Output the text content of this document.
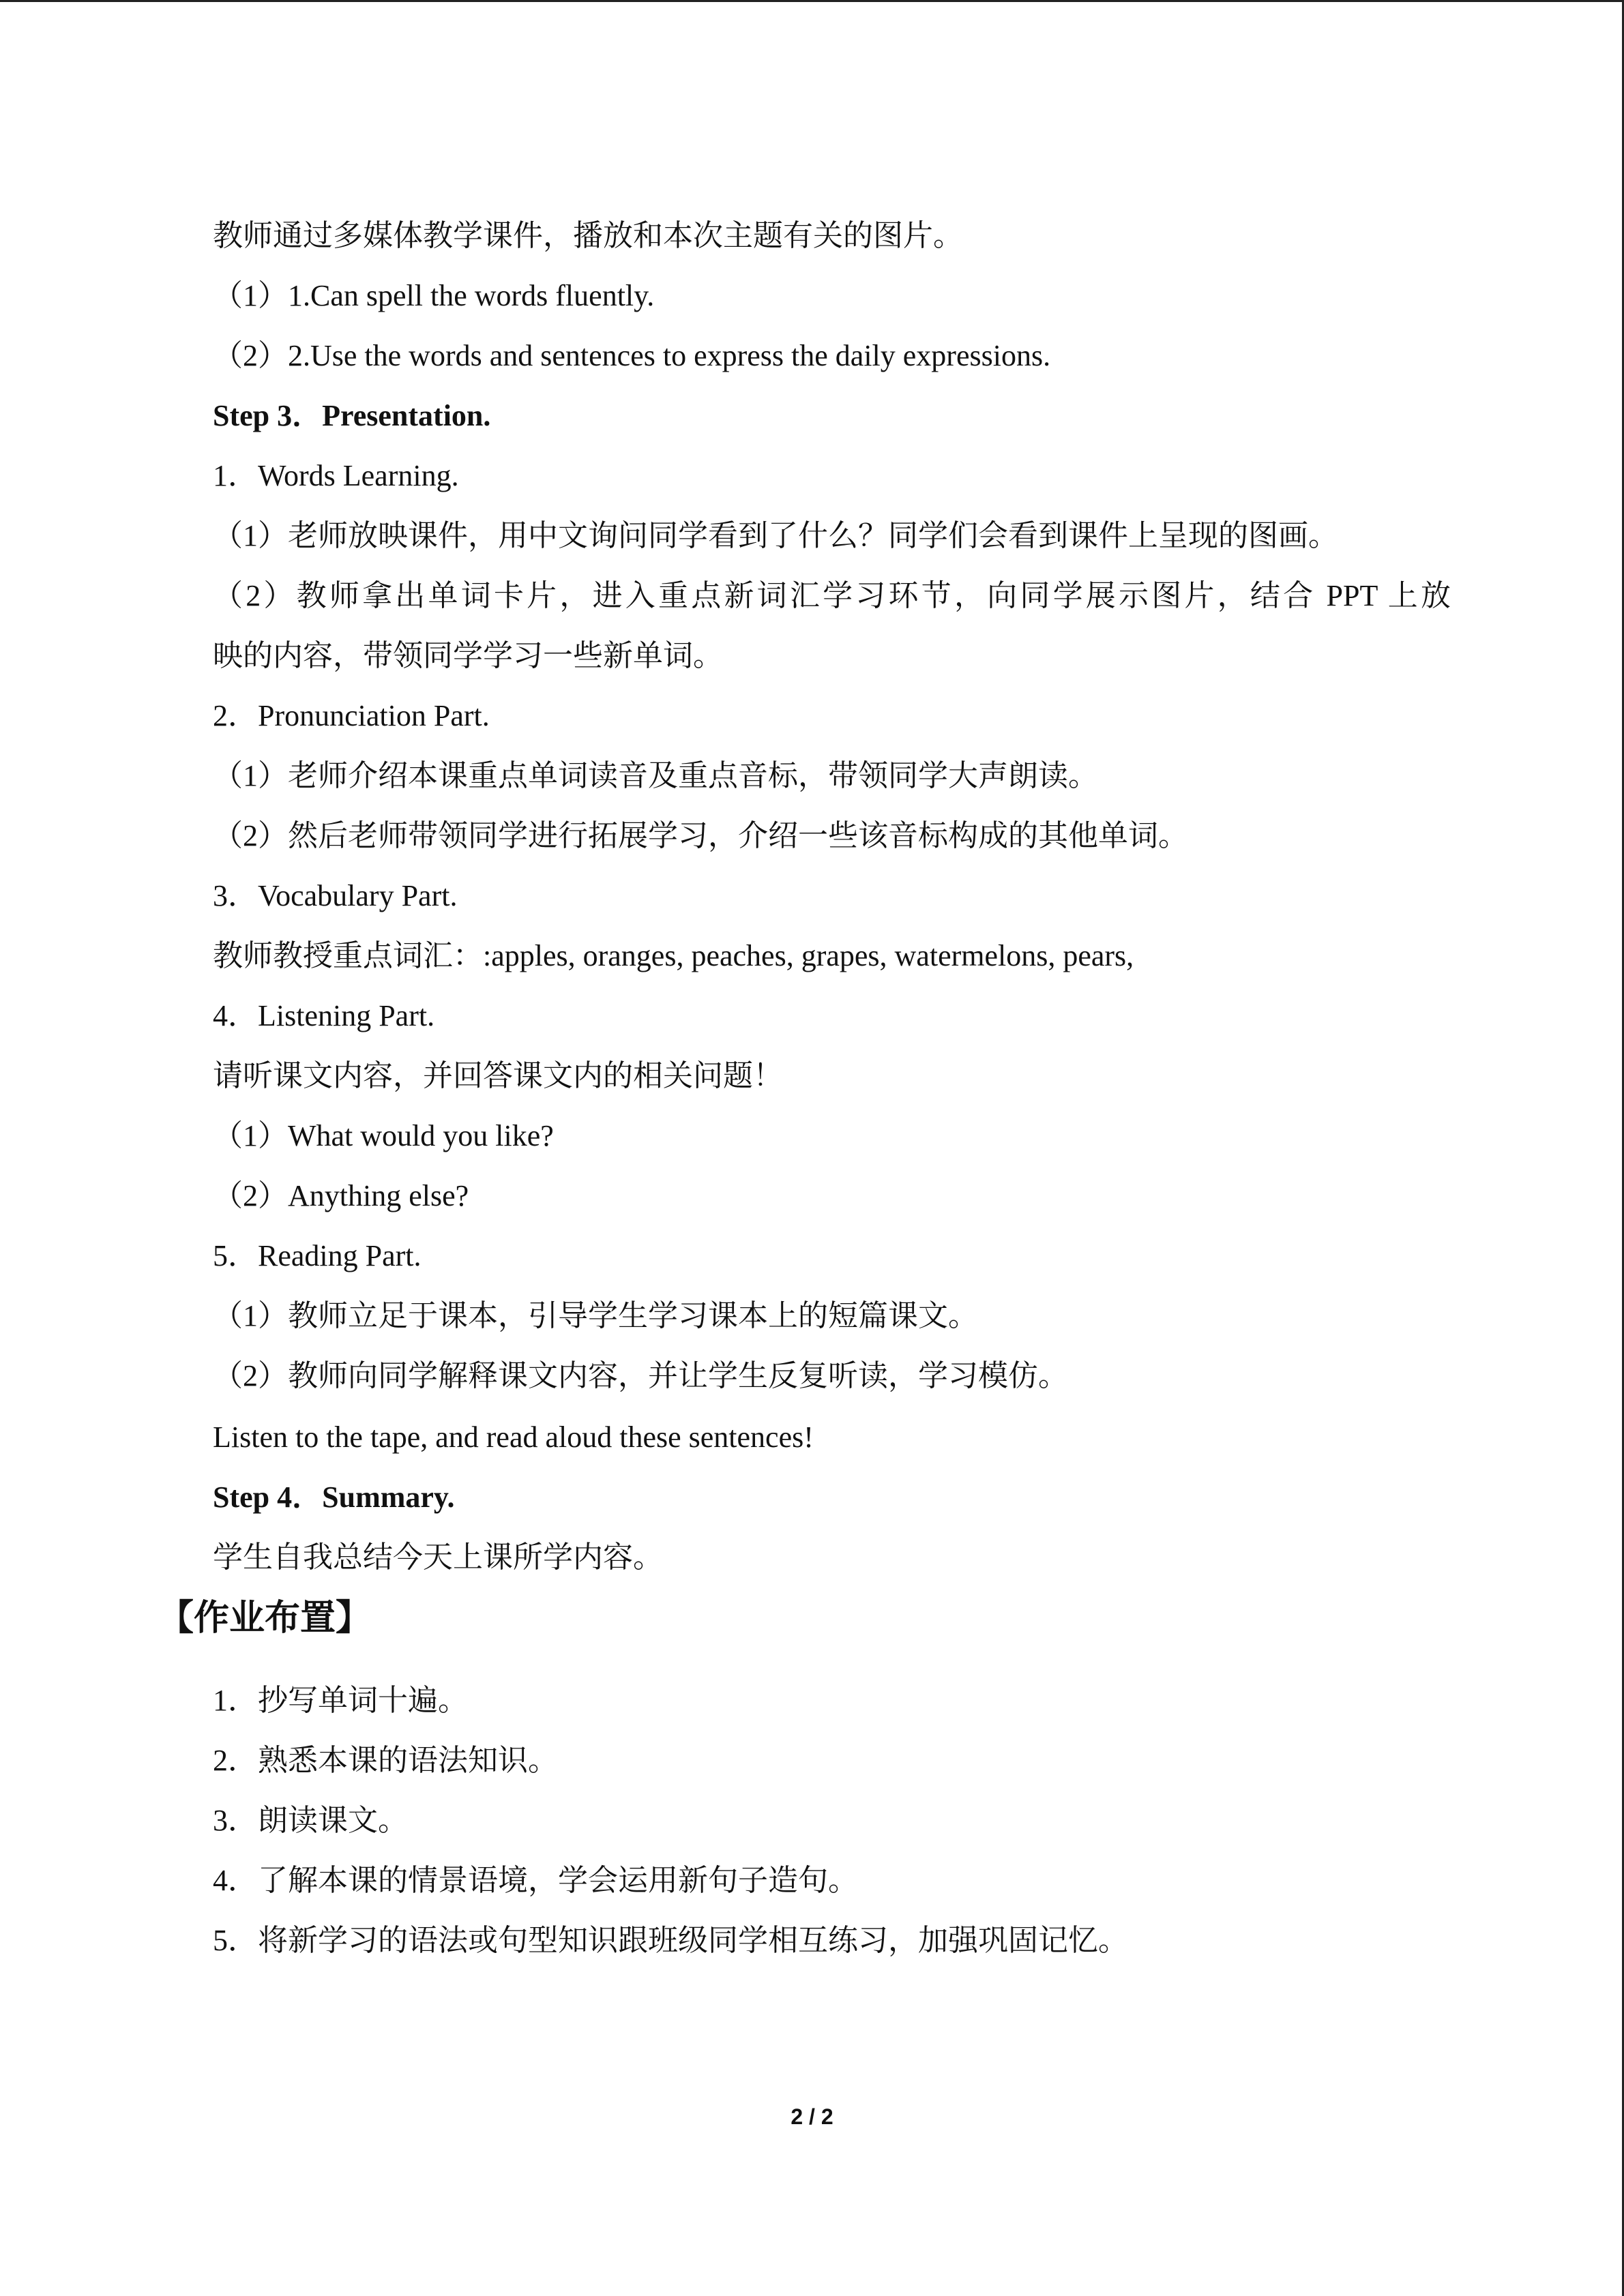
教师通过多媒体教学课件，播放和本次主题有关的图片。
（1）1.Can spell the words fluently.
（2）2.Use the words and sentences to express the daily expressions.
Step 3．Presentation.
1．Words Learning.
（1）老师放映课件，用中文询问同学看到了什么？同学们会看到课件上呈现的图画。
（2）教师拿出单词卡片，进入重点新词汇学习环节，向同学展示图片，结合 PPT 上放
映的内容，带领同学学习一些新单词。
2．Pronunciation Part.
（1）老师介绍本课重点单词读音及重点音标，带领同学大声朗读。
（2）然后老师带领同学进行拓展学习，介绍一些该音标构成的其他单词。
3．Vocabulary Part.
教师教授重点词汇：:apples, oranges, peaches, grapes, watermelons, pears,
4．Listening Part.
请听课文内容，并回答课文内的相关问题！
（1）What would you like?
（2）Anything else?
5．Reading Part.
（1）教师立足于课本，引导学生学习课本上的短篇课文。
（2）教师向同学解释课文内容，并让学生反复听读，学习模仿。
Listen to the tape, and read aloud these sentences!
Step 4．Summary.
学生自我总结今天上课所学内容。
【作业布置】
1．抄写单词十遍。
2．熟悉本课的语法知识。
3．朗读课文。
4．了解本课的情景语境，学会运用新句子造句。
5．将新学习的语法或句型知识跟班级同学相互练习，加强巩固记忆。
2 / 2
